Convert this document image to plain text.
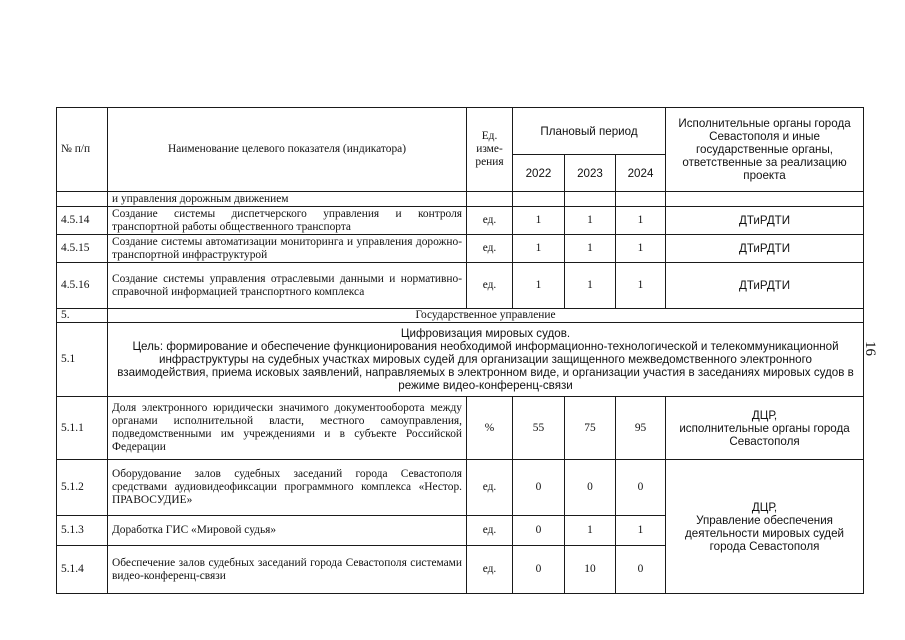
№ п/п	Наименование целевого показателя (индикатора)	Ед. изме-рения	Плановый период			Исполнительные органы города Севастополя и иные государственные органы, ответственные за реализацию проекта
			2022	2023	2024	
	и управления дорожным движением					
4.5.14	Создание системы диспетчерского управления и контроля транспортной работы общественного транспорта	ед.	1	1	1	ДТиРДТИ
4.5.15	Создание системы автоматизации мониторинга и управления дорожно-транспортной инфраструктурой	ед.	1	1	1	ДТиРДТИ
4.5.16	Создание системы управления отраслевыми данными и нормативно-справочной информацией транспортного комплекса	ед.	1	1	1	ДТиРДТИ
5.	Государственное управление					
5.1	Цифровизация мировых судов.
Цель: формирование и обеспечение функционирования необходимой информационно-технологической и телекоммуникационной инфраструктуры на судебных участках мировых судей для организации защищенного межведомственного электронного взаимодействия, приема исковых заявлений, направляемых в электронном виде, и организации участия в заседаниях мировых судов в режиме видео-конференц-связи					

5.1.1	Доля электронного юридически значимого документооборота между органами исполнительной власти, местного самоуправления, подведомственными им учреждениями и в субъекте Российской Федерации	%	55	75	95	ДЦР,
исполнительные органы города Севастополя

5.1.2	Оборудование залов судебных заседаний города Севастополя средствами аудиовидеофиксации программного комплекса «Нестор. ПРАВОСУДИЕ»	ед.	0	0	0	ДЦР,
Управление обеспечения деятельности мировых судей города Севастополя

5.1.3	Доработка ГИС «Мировой судья»	ед.	0	1	1	
5.1.4	Обеспечение залов судебных заседаний города Севастополя системами видео-конференц-связи	ед.	0	10	0	
16
